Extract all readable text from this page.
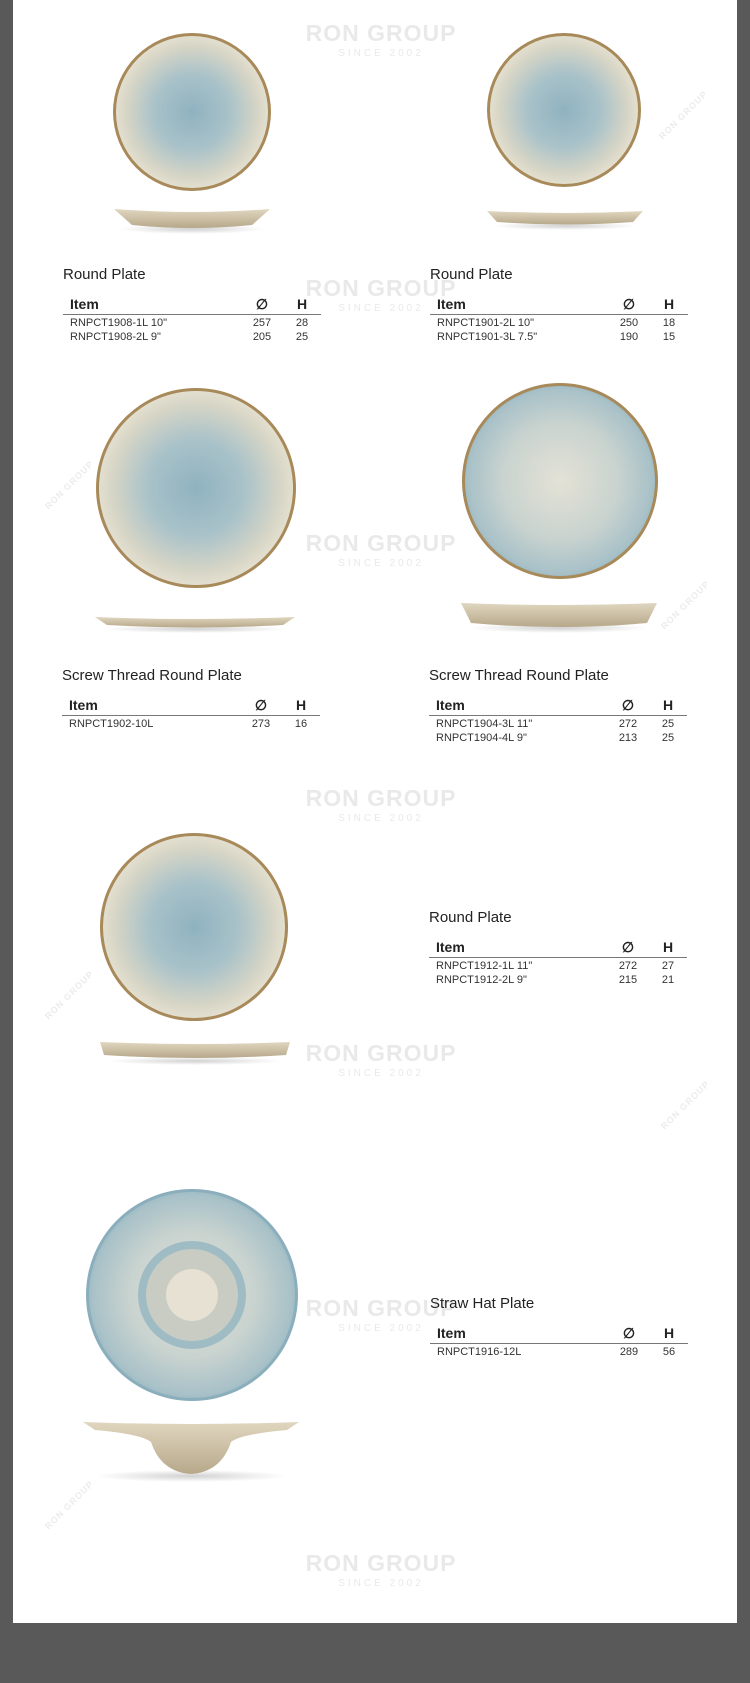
RON GROUP
SINCE 2002
RON GROUP
SINCE 2002
RON GROUP
SINCE 2002
RON GROUP
SINCE 2002
RON GROUP
SINCE 2002
RON GROUP
SINCE 2002
RON GROUP
SINCE 2002
RON GROUP
RON GROUP
RON GROUP
RON GROUP
RON GROUP
RON GROUP
Round Plate
Item	∅	H
RNPCT1908-1L 10"	257	28
RNPCT1908-2L 9"	205	25
Round Plate
Item	∅	H
RNPCT1901-2L 10"	250	18
RNPCT1901-3L 7.5"	190	15
Screw Thread Round Plate
Item	∅	H
RNPCT1902-10L	273	16
Screw Thread Round Plate
Item	∅	H
RNPCT1904-3L 11"	272	25
RNPCT1904-4L 9"	213	25
Round Plate
Item	∅	H
RNPCT1912-1L 11"	272	27
RNPCT1912-2L 9"	215	21
Straw Hat Plate
Item	∅	H
RNPCT1916-12L	289	56
